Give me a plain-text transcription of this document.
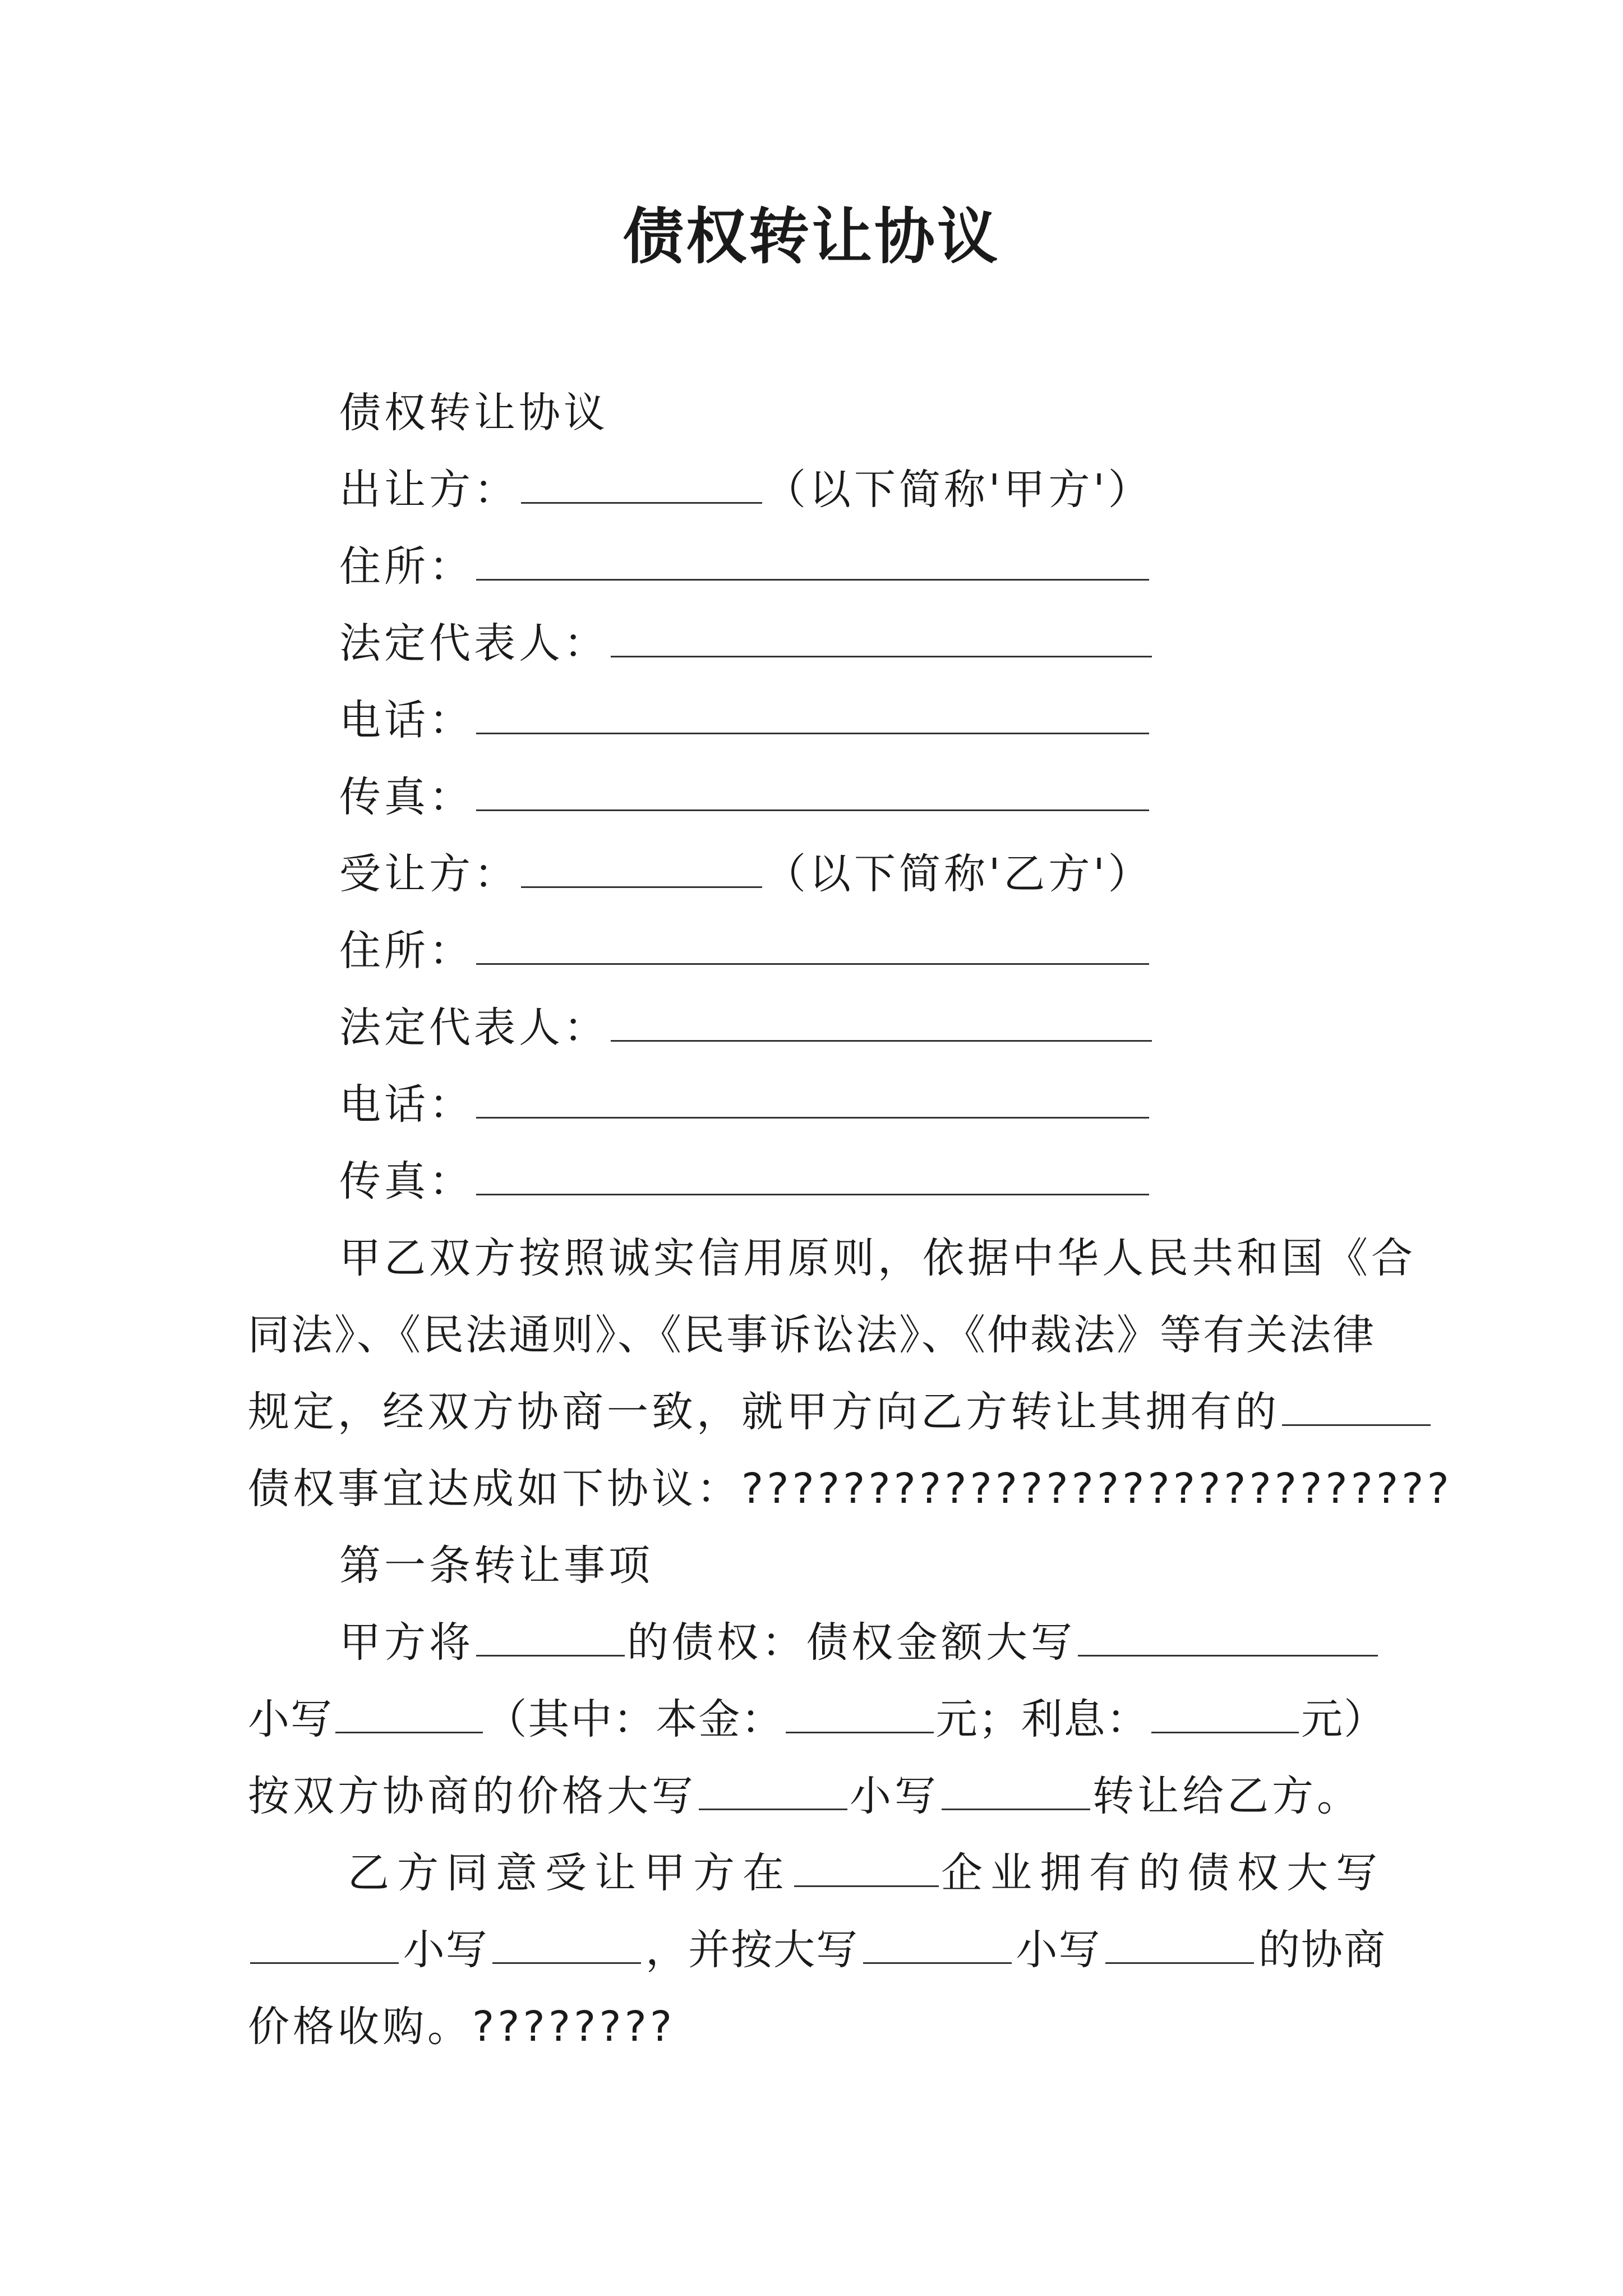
债权转让协议
债权转让协议
出让方：	（以下简称'甲方'）
住所：
法定代表人：
电话：
传真：
受让方：	（以下简称'乙方'）
住所：
法定代表人：
电话：
传真：
甲乙双方按照诚实信用原则，依据中华人民共和国《合
同法》、《民法通则》、《民事诉讼法》、《仲裁法》等有关法律
规定，经双方协商一致，就甲方向乙方转让其拥有的
债权事宜达成如下协议：????????????????????????????
第一条转让事项
甲方将	的债权：债权金额大写
小写	（其中：本金：	元；利息：	元）
按双方协商的价格大写	小写	转让给乙方。
乙方同意受让甲方在	企业拥有的债权大写
小写	，并按大写	小写	的协商
价格收购。????????
